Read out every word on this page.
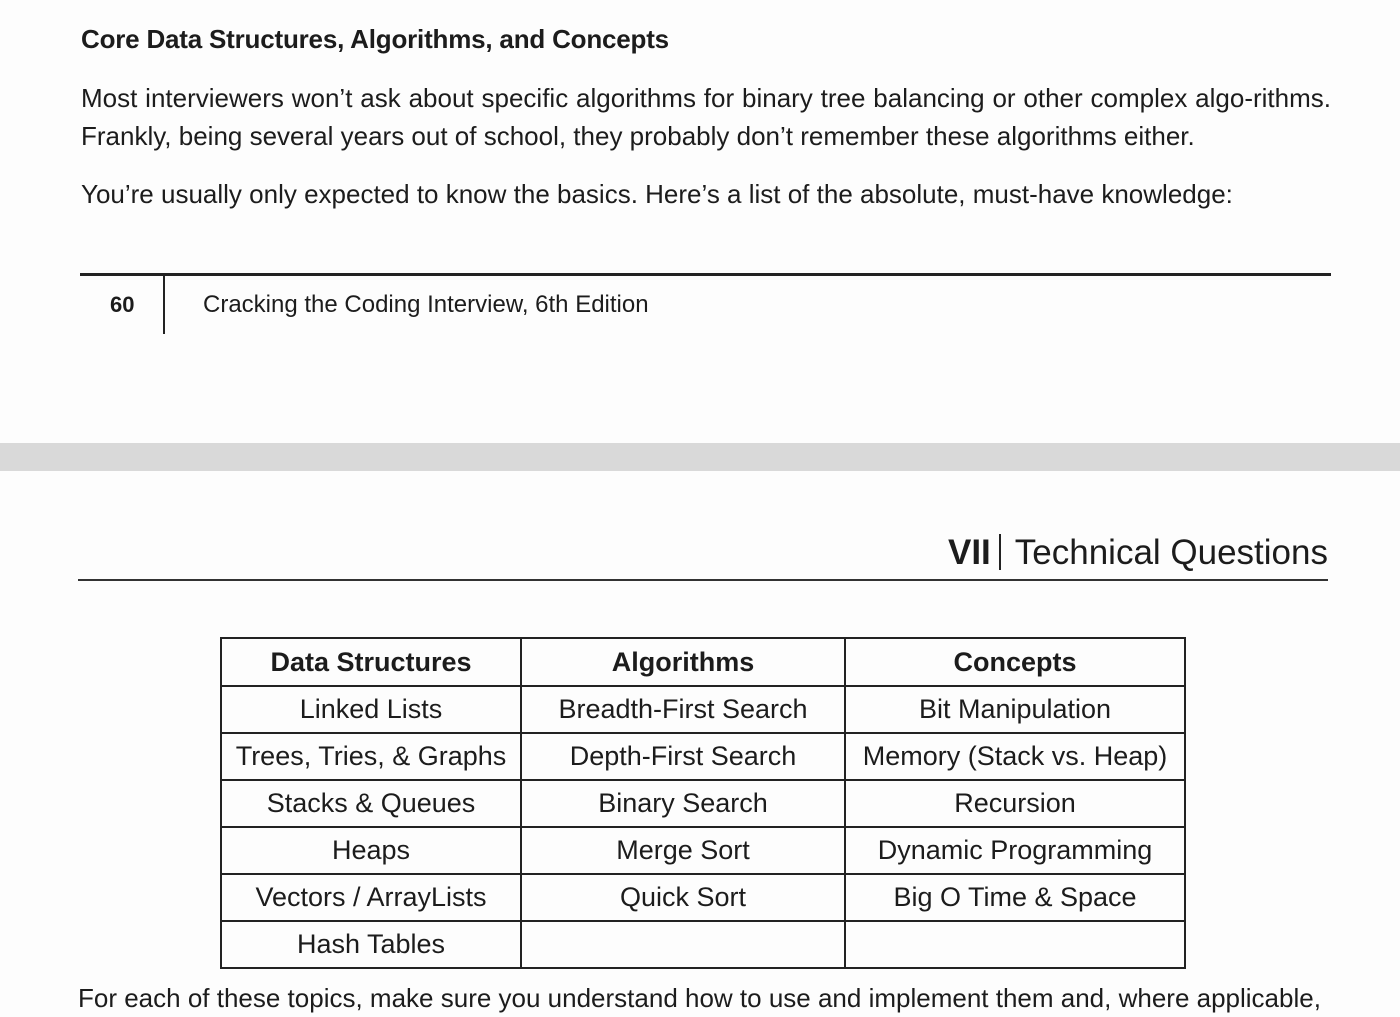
Core Data Structures, Algorithms, and Concepts

Most interviewers won’t ask about specific algorithms for binary tree balancing or other complex algo-rithms. Frankly, being several years out of school, they probably don’t remember these algorithms either.

You’re usually only expected to know the basics. Here’s a list of the absolute, must-have knowledge:

60	Cracking the Coding Interview, 6th Edition
VII Technical Questions
Data Structures	Algorithms	Concepts
Linked Lists	Breadth-First Search	Bit Manipulation
Trees, Tries, & Graphs	Depth-First Search	Memory (Stack vs. Heap)
Stacks & Queues	Binary Search	Recursion
Heaps	Merge Sort	Dynamic Programming
Vectors / ArrayLists	Quick Sort	Big O Time & Space
Hash Tables		
For each of these topics, make sure you understand how to use and implement them and, where applicable,
